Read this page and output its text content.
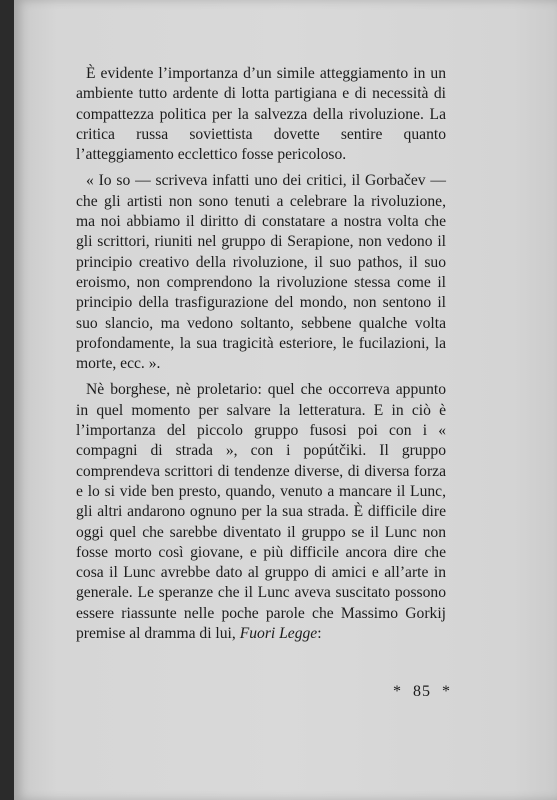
È evidente l’importanza d’un simile atteggiamento in un ambiente tutto ardente di lotta partigiana e di necessità di compattezza politica per la salvezza della rivoluzione. La critica russa soviettista dovette sentire quanto l’atteggiamento ecclettico fosse pericoloso.

« Io so — scriveva infatti uno dei critici, il Gorbačev — che gli artisti non sono tenuti a celebrare la rivoluzione, ma noi abbiamo il diritto di constatare a nostra volta che gli scrittori, riuniti nel gruppo di Serapione, non vedono il principio creativo della rivoluzione, il suo pathos, il suo eroismo, non comprendono la rivoluzione stessa come il principio della trasfigurazione del mondo, non sentono il suo slancio, ma vedono soltanto, sebbene qualche volta profondamente, la sua tragicità esteriore, le fucilazioni, la morte, ecc. ».

Nè borghese, nè proletario: quel che occorreva appunto in quel momento per salvare la letteratura. E in ciò è l’importanza del piccolo gruppo fusosi poi con i « compagni di strada », con i popútčiki. Il gruppo comprendeva scrittori di tendenze diverse, di diversa forza e lo si vide ben presto, quando, venuto a mancare il Lunc, gli altri andarono ognuno per la sua strada. È difficile dire oggi quel che sarebbe diventato il gruppo se il Lunc non fosse morto così giovane, e più difficile ancora dire che cosa il Lunc avrebbe dato al gruppo di amici e all’arte in generale. Le speranze che il Lunc aveva suscitato possono essere riassunte nelle poche parole che Massimo Gorkij premise al dramma di lui, Fuori Legge:

* 85 *
